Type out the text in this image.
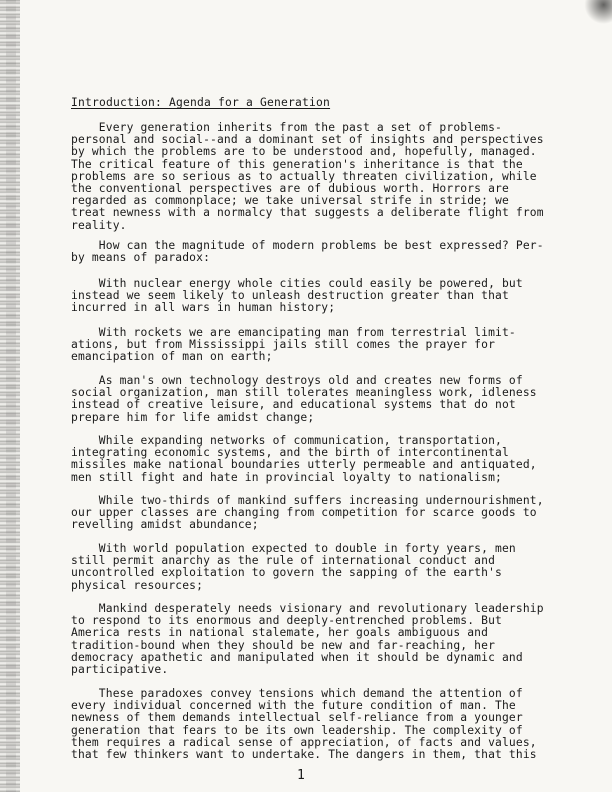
Introduction: Agenda for a Generation

Every generation inherits from the past a set of problems-
personal and social--and a dominant set of insights and perspectives
by which the problems are to be understood and, hopefully, managed.
The critical feature of this generation's inheritance is that the
problems are so serious as to actually threaten civilization, while
the conventional perspectives are of dubious worth. Horrors are
regarded as commonplace; we take universal strife in stride; we
treat newness with a normalcy that suggests a deliberate flight from
reality.

How can the magnitude of modern problems be best expressed? Per-
by means of paradox:

With nuclear energy whole cities could easily be powered, but
instead we seem likely to unleash destruction greater than that
incurred in all wars in human history;

With rockets we are emancipating man from terrestrial limit-
ations, but from Mississippi jails still comes the prayer for
emancipation of man on earth;

As man's own technology destroys old and creates new forms of
social organization, man still tolerates meaningless work, idleness
instead of creative leisure, and educational systems that do not
prepare him for life amidst change;

While expanding networks of communication, transportation,
integrating economic systems, and the birth of intercontinental
missiles make national boundaries utterly permeable and antiquated,
men still fight and hate in provincial loyalty to nationalism;

While two-thirds of mankind suffers increasing undernourishment,
our upper classes are changing from competition for scarce goods to
revelling amidst abundance;

With world population expected to double in forty years, men
still permit anarchy as the rule of international conduct and
uncontrolled exploitation to govern the sapping of the earth's
physical resources;

Mankind desperately needs visionary and revolutionary leadership
to respond to its enormous and deeply-entrenched problems. But
America rests in national stalemate, her goals ambiguous and
tradition-bound when they should be new and far-reaching, her
democracy apathetic and manipulated when it should be dynamic and
participative.

These paradoxes convey tensions which demand the attention of
every individual concerned with the future condition of man. The
newness of them demands intellectual self-reliance from a younger
generation that fears to be its own leadership. The complexity of
them requires a radical sense of appreciation, of facts and values,
that few thinkers want to undertake. The dangers in them, that this

1
